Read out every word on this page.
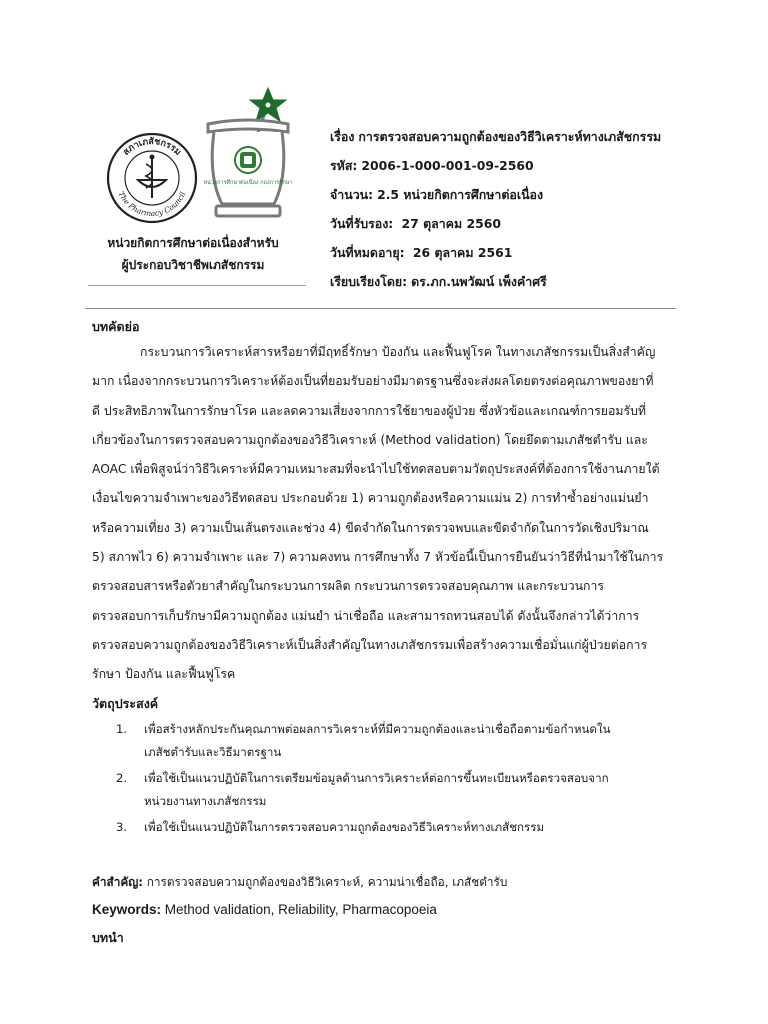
สภาเภสัชกรรม
The Pharmacy Council
หน่วยการศึกษาต่อเนื่อง กองการศึกษา
หน่วยกิตการศึกษาต่อเนื่องสำหรับ
ผู้ประกอบวิชาชีพเภสัชกรรม
เรื่อง การตรวจสอบความถูกต้องของวิธีวิเคราะห์ทางเภสัชกรรม
รหัส: 2006-1-000-001-09-2560
จำนวน: 2.5 หน่วยกิตการศึกษาต่อเนื่อง
วันที่รับรอง: 27 ตุลาคม 2560
วันที่หมดอายุ: 26 ตุลาคม 2561
เรียบเรียงโดย: ดร.ภก.นพวัฒน์ เพ็งคำศรี
บทคัดย่อ
กระบวนการวิเคราะห์สารหรือยาที่มีฤทธิ์รักษา ป้องกัน และฟื้นฟูโรค ในทางเภสัชกรรมเป็นสิ่งสำคัญ
มาก เนื่องจากกระบวนการวิเคราะห์ต้องเป็นที่ยอมรับอย่างมีมาตรฐานซึ่งจะส่งผลโดยตรงต่อคุณภาพของยาที่
ดี ประสิทธิภาพในการรักษาโรค และลดความเสี่ยงจากการใช้ยาของผู้ป่วย ซึ่งหัวข้อและเกณฑ์การยอมรับที่
เกี่ยวข้องในการตรวจสอบความถูกต้องของวิธีวิเคราะห์ (Method validation) โดยยึดตามเภสัชตำรับ และ
AOAC เพื่อพิสูจน์ว่าวิธีวิเคราะห์มีความเหมาะสมที่จะนำไปใช้ทดสอบตามวัตถุประสงค์ที่ต้องการใช้งานภายใต้
เงื่อนไขความจำเพาะของวิธีทดสอบ ประกอบด้วย 1) ความถูกต้องหรือความแม่น 2) การทำซ้ำอย่างแม่นยำ
หรือความเที่ยง 3) ความเป็นเส้นตรงและช่วง 4) ขีดจำกัดในการตรวจพบและขีดจำกัดในการวัดเชิงปริมาณ
5) สภาพไว 6) ความจำเพาะ และ 7) ความคงทน การศึกษาทั้ง 7 หัวข้อนี้เป็นการยืนยันว่าวิธีที่นำมาใช้ในการ
ตรวจสอบสารหรือตัวยาสำคัญในกระบวนการผลิต กระบวนการตรวจสอบคุณภาพ และกระบวนการ
ตรวจสอบการเก็บรักษามีความถูกต้อง แม่นยำ น่าเชื่อถือ และสามารถทวนสอบได้ ดังนั้นจึงกล่าวได้ว่าการ
ตรวจสอบความถูกต้องของวิธีวิเคราะห์เป็นสิ่งสำคัญในทางเภสัชกรรมเพื่อสร้างความเชื่อมั่นแก่ผู้ป่วยต่อการ
รักษา ป้องกัน และฟื้นฟูโรค
วัตถุประสงค์
1. เพื่อสร้างหลักประกันคุณภาพต่อผลการวิเคราะห์ที่มีความถูกต้องและน่าเชื่อถือตามข้อกำหนดใน
เภสัชตำรับและวิธีมาตรฐาน
2. เพื่อใช้เป็นแนวปฏิบัติในการเตรียมข้อมูลด้านการวิเคราะห์ต่อการขึ้นทะเบียนหรือตรวจสอบจาก
หน่วยงานทางเภสัชกรรม
3. เพื่อใช้เป็นแนวปฏิบัติในการตรวจสอบความถูกต้องของวิธีวิเคราะห์ทางเภสัชกรรม
คำสำคัญ: การตรวจสอบความถูกต้องของวิธีวิเคราะห์, ความน่าเชื่อถือ, เภสัชตำรับ
Keywords: Method validation, Reliability, Pharmacopoeia
บทนำ
